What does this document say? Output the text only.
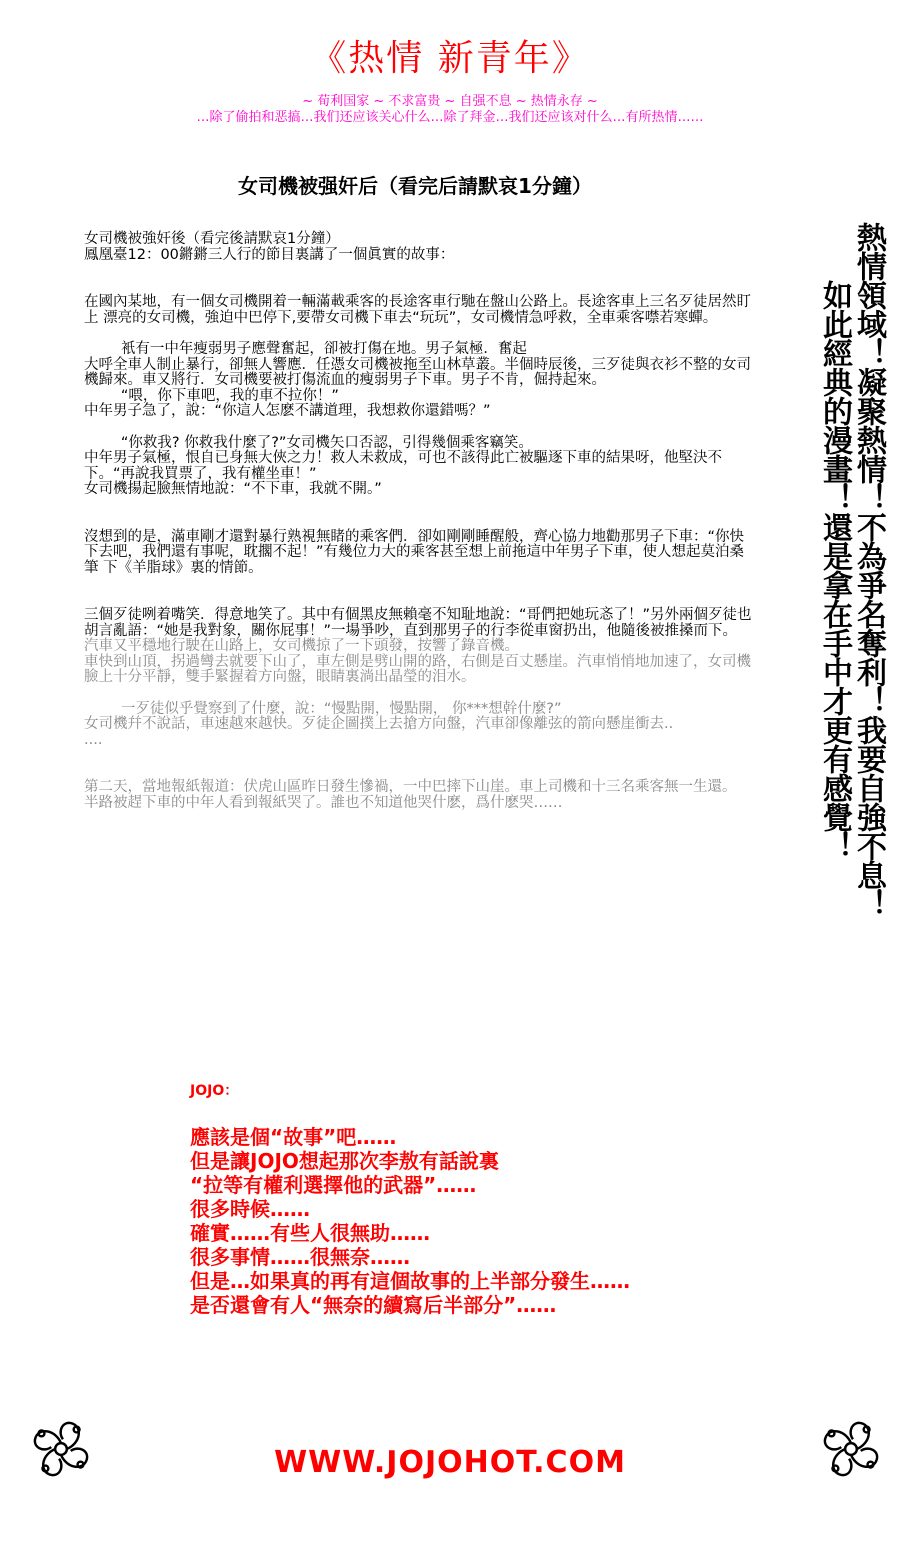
《热情 新青年》
~ 荀利国家 ~ 不求富贵 ~ 自强不息 ~ 热情永存 ~
…除了偷拍和恶搞…我们还应该关心什么…除了拜金…我们还应该对什么…有所热情……
女司機被强奸后（看完后請默哀1分鐘）

女司機被強奸後（看完後請默哀1分鐘）

鳳凰臺12：00鏘鏘三人行的節目裏講了一個眞實的故事：

在國內某地，有一個女司機開着一輛滿載乘客的長途客車行馳在盤山公路上。長途客車上三名歹徒居然盯上 漂亮的女司機，強迫中巴停下,要帶女司機下車去“玩玩”，女司機情急呼救，全車乘客噤若寒蟬。

衹有一中年瘦弱男子應聲奮起，卻被打傷在地。男子氣極．奮起

大呼全車人制止暴行，卻無人響應．任憑女司機被拖至山林草叢。半個時辰後，三歹徒與衣衫不整的女司機歸來。車又將行．女司機要被打傷流血的瘦弱男子下車。男子不肯，倔持起來。

“喂，你下車吧，我的車不拉你！”

中年男子急了，說：“你這人怎麽不講道理，我想救你還錯嗎？”

“你救我? 你救我什麼了?”女司機矢口否認，引得幾個乘客竊笑。

中年男子氣極，恨自已身無大俠之力！救人未救成，可也不該得此亡被驅逐下車的結果呀，他堅決不下。“再說我買票了，我有權坐車！”

女司機揚起臉無情地說：“不下車，我就不開。”

沒想到的是，滿車剛才還對暴行熟視無睹的乘客們．卻如剛剛睡醒般，齊心協力地勸那男子下車：“你快下去吧，我們還有事呢，耽擱不起！”有幾位力大的乘客甚至想上前拖這中年男子下車，使人想起莫泊桑筆 下《羊脂球》裏的情節。

三個歹徒咧着嘴笑．得意地笑了。其中有個黑皮無賴毫不知耻地說：“哥們把她玩忞了！”另外兩個歹徒也胡言亂語：“她是我對象，關你屁事！”一場爭吵，直到那男子的行李從車窗扔出，他隨後被推搡而下。

汽車又平穩地行駛在山路上，女司機掠了一下頭發，按響了錄音機。

車快到山頂，拐過彎去就要下山了，車左側是劈山開的路，右側是百丈懸崖。汽車悄悄地加速了，女司機臉上十分平靜，雙手緊握着方向盤，眼睛裏淌出晶瑩的泪水。

一歹徒似乎覺察到了什麼，說：“慢點開，慢點開， 你***想幹什麼?”

女司機幷不說話，車速越來越快。歹徒企圖撲上去搶方向盤，汽車卻像離弦的箭向懸崖衝去..

....

第二天，當地報紙報道：伏虎山區昨日發生慘禍，一中巴摔下山崖。車上司機和十三名乘客無一生還。

半路被趕下車的中年人看到報紙哭了。誰也不知道他哭什麽，爲什麽哭……	熱情領域！凝聚熱情！不為爭名奪利！我要自強不息！
如此經典的漫畫！還是拿在手中才更有感覺！
JOJO：
應該是個“故事”吧……
但是讓JOJO想起那次李敖有話說裏
“拉等有權利選擇他的武器”……
很多時候……
確實……有些人很無助……
很多事情……很無奈……
但是…如果真的再有這個故事的上半部分發生……
是否還會有人“無奈的續寫后半部分”……
WWW.JOJOHOT.COM
